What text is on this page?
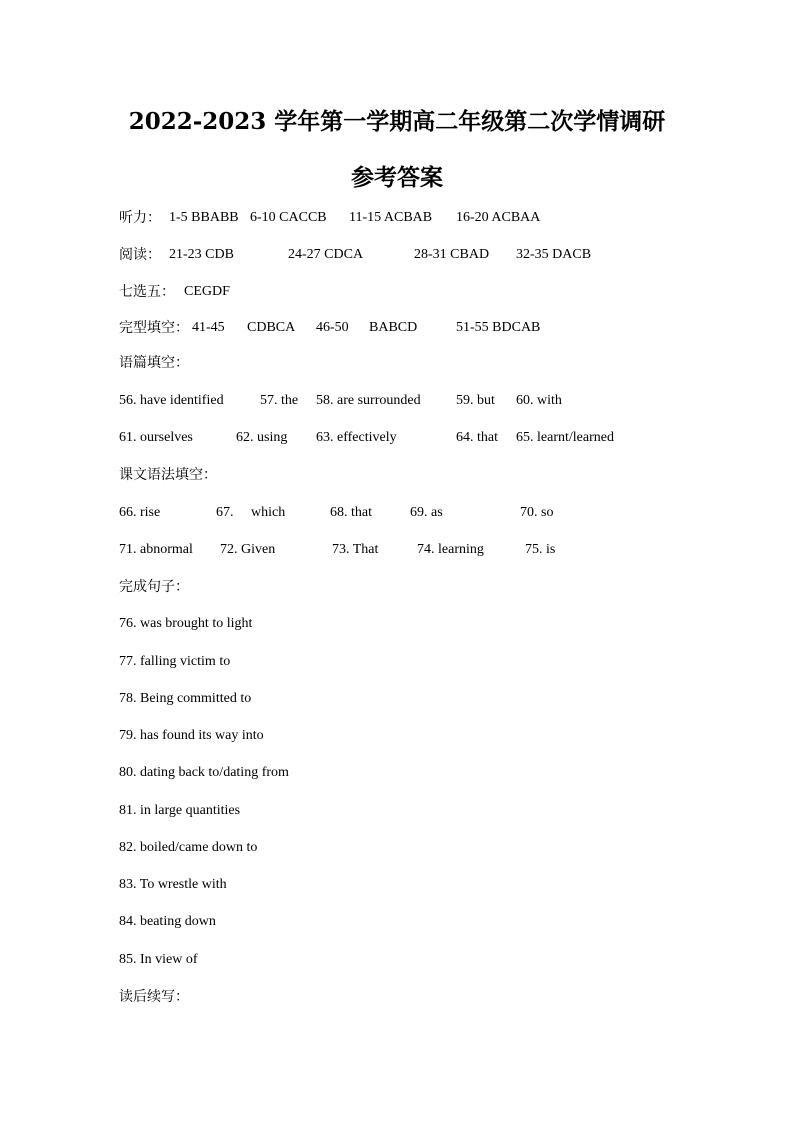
2022-2023 学年第一学期高二年级第二次学情调研
参考答案
听力： 1-5 BBABB 6-10 CACCB 11-15 ACBAB 16-20 ACBAA
阅读： 21-23 CDB	24-27 CDCA	28-31 CBAD 32-35 DACB
七选五： CEGDF
完型填空： 41-45 CDBCA 46-50 BABCD	51-55 BDCAB
语篇填空：
56. have identified	57. the 58. are surrounded	59. but 60. with
61. ourselves	62. using 63. effectively	64. that 65. learnt/learned
课文语法填空：
66. rise	67. which	68. that	69. as	70. so
71. abnormal 72. Given	73. That	74. learning	75. is
完成句子：
76. was brought to light
77. falling victim to
78. Being committed to
79. has found its way into
80. dating back to/dating from
81. in large quantities
82. boiled/came down to
83. To wrestle with
84. beating down
85. In view of
读后续写：
